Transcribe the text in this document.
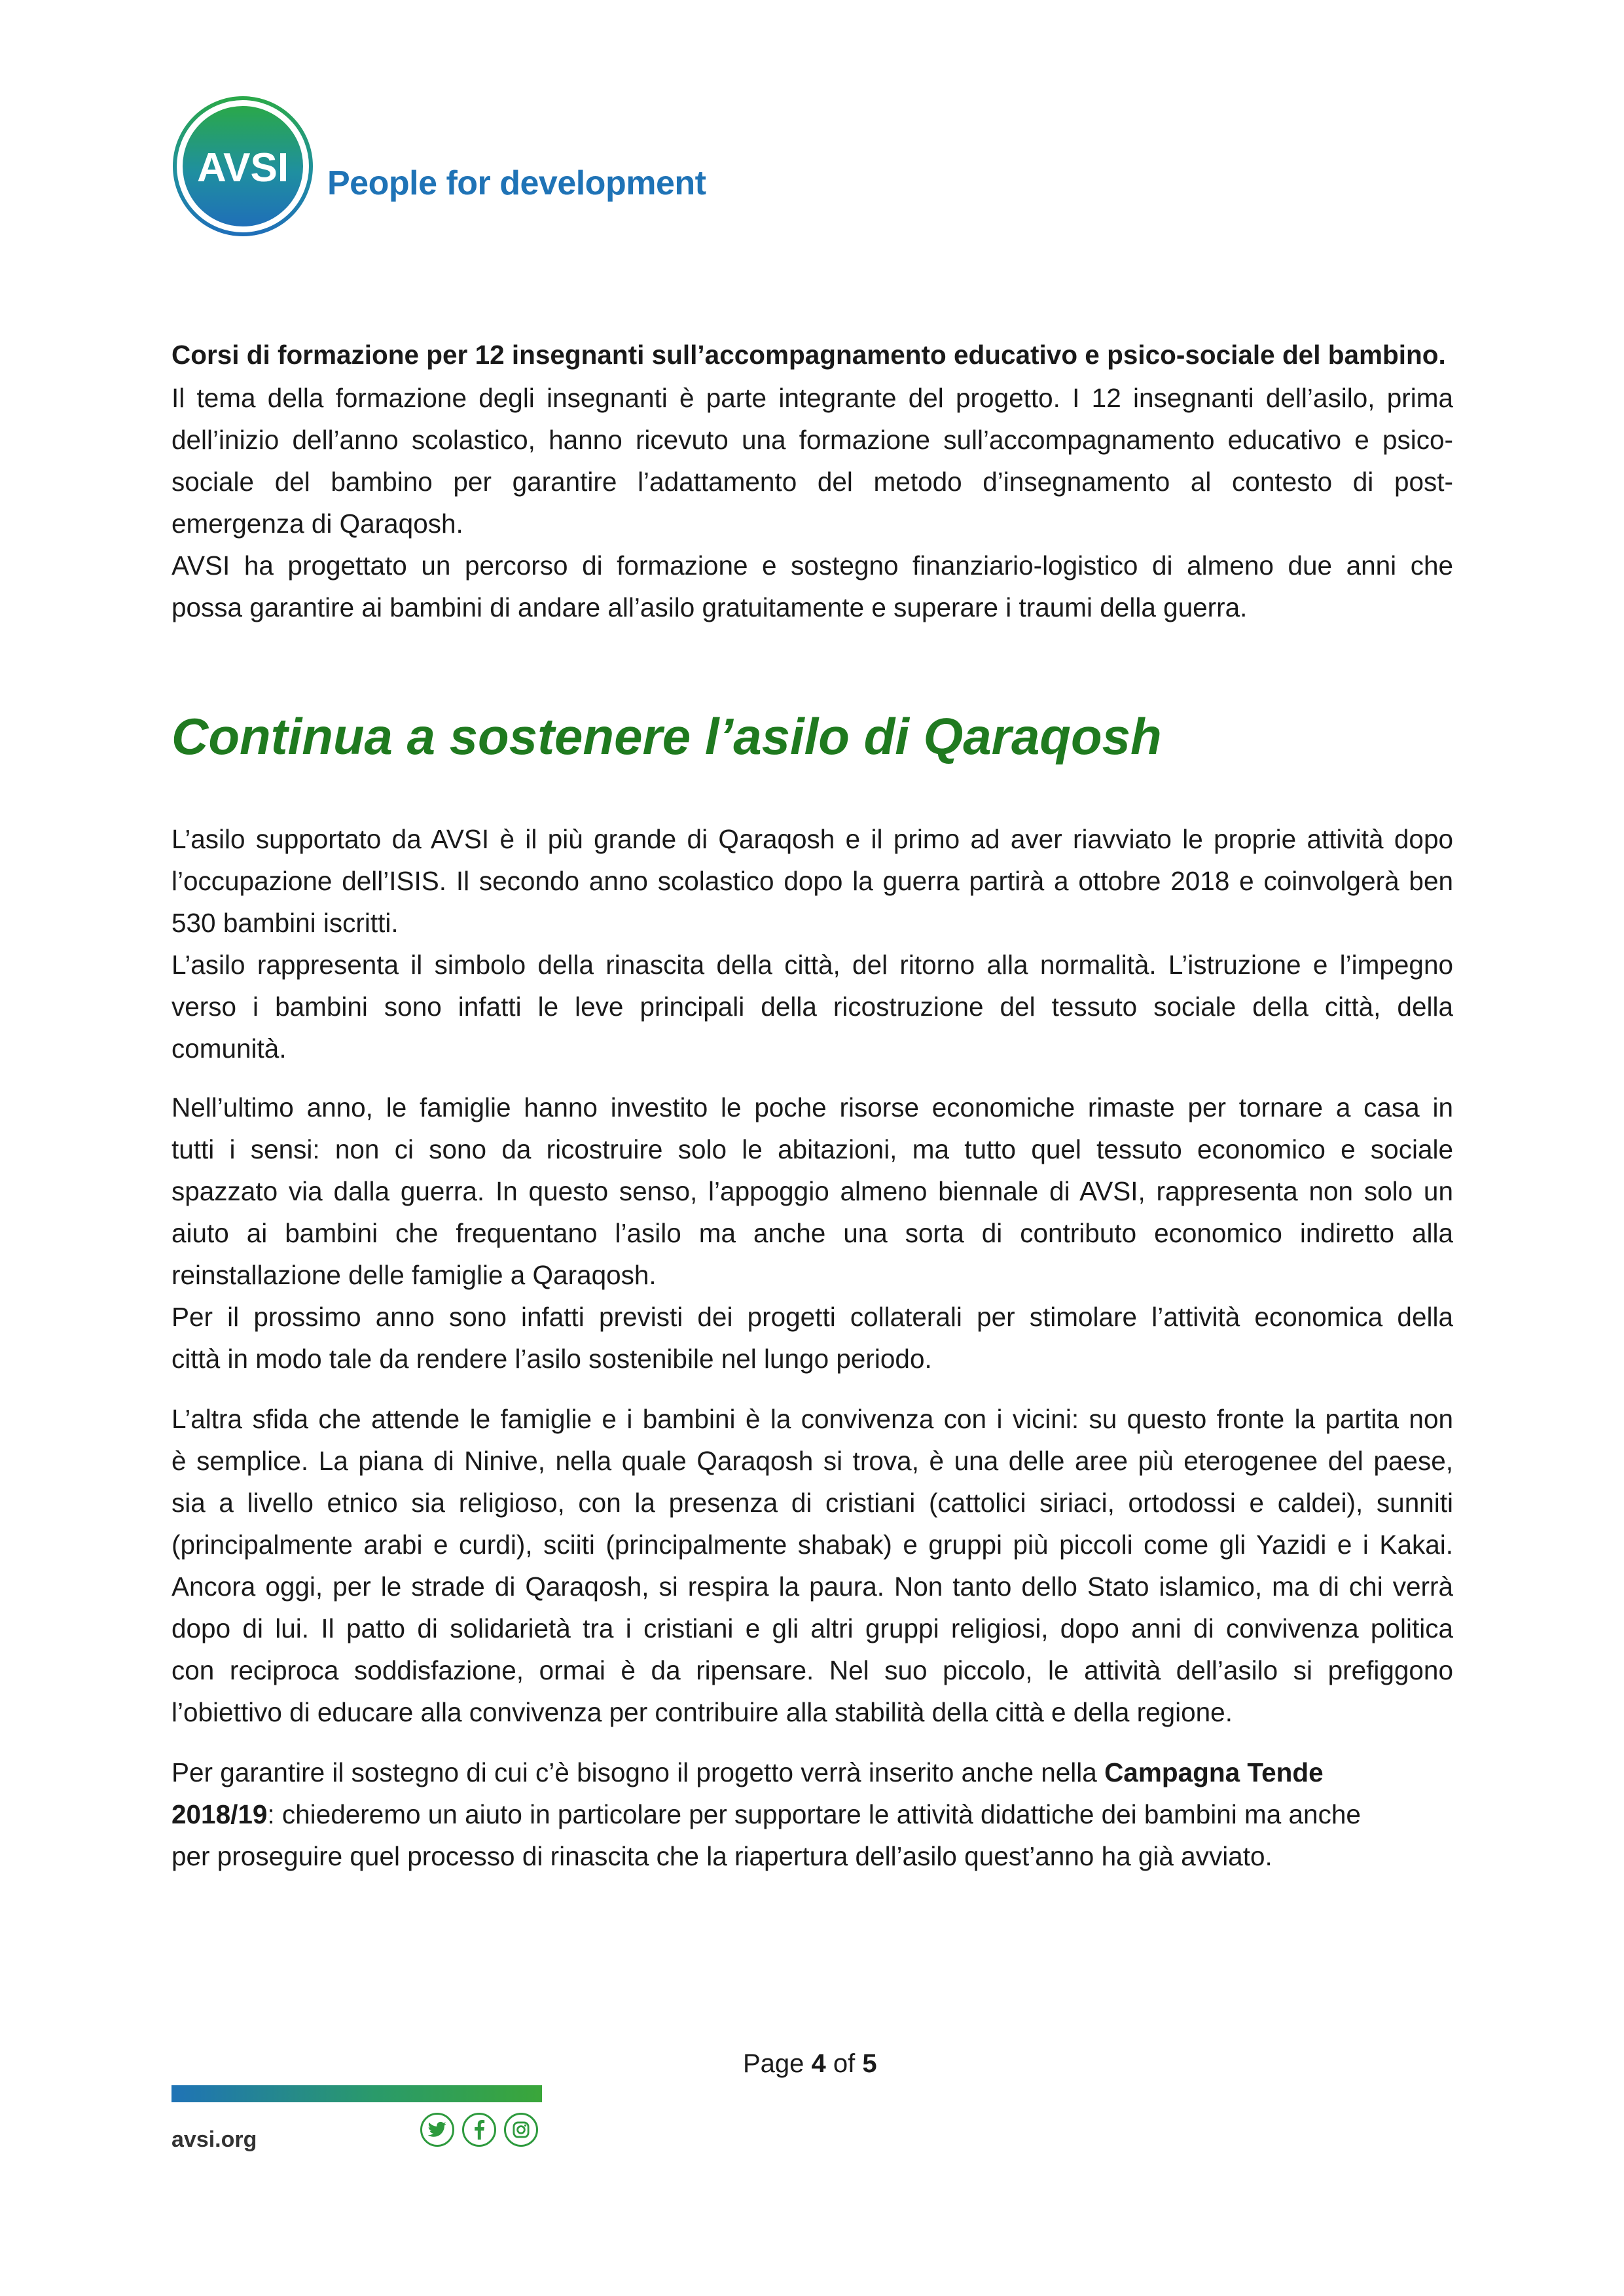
AVSI People for development
Corsi di formazione per 12 insegnanti sull’accompagnamento educativo e psico-sociale del bambino.
Il tema della formazione degli insegnanti è parte integrante del progetto. I 12 insegnanti dell’asilo, prima
dell’inizio dell’anno scolastico, hanno ricevuto una formazione sull’accompagnamento educativo e psico-
sociale del bambino per garantire l’adattamento del metodo d’insegnamento al contesto di post-
emergenza di Qaraqosh.
AVSI ha progettato un percorso di formazione e sostegno finanziario-logistico di almeno due anni che
possa garantire ai bambini di andare all’asilo gratuitamente e superare i traumi della guerra.
Continua a sostenere l’asilo di Qaraqosh
L’asilo supportato da AVSI è il più grande di Qaraqosh e il primo ad aver riavviato le proprie attività dopo
l’occupazione dell’ISIS. Il secondo anno scolastico dopo la guerra partirà a ottobre 2018 e coinvolgerà ben
530 bambini iscritti.
L’asilo rappresenta il simbolo della rinascita della città, del ritorno alla normalità. L’istruzione e l’impegno
verso i bambini sono infatti le leve principali della ricostruzione del tessuto sociale della città, della
comunità.
Nell’ultimo anno, le famiglie hanno investito le poche risorse economiche rimaste per tornare a casa in
tutti i sensi: non ci sono da ricostruire solo le abitazioni, ma tutto quel tessuto economico e sociale
spazzato via dalla guerra. In questo senso, l’appoggio almeno biennale di AVSI, rappresenta non solo un
aiuto ai bambini che frequentano l’asilo ma anche una sorta di contributo economico indiretto alla
reinstallazione delle famiglie a Qaraqosh.
Per il prossimo anno sono infatti previsti dei progetti collaterali per stimolare l’attività economica della
città in modo tale da rendere l’asilo sostenibile nel lungo periodo.
L’altra sfida che attende le famiglie e i bambini è la convivenza con i vicini: su questo fronte la partita non
è semplice. La piana di Ninive, nella quale Qaraqosh si trova, è una delle aree più eterogenee del paese,
sia a livello etnico sia religioso, con la presenza di cristiani (cattolici siriaci, ortodossi e caldei), sunniti
(principalmente arabi e curdi), sciiti (principalmente shabak) e gruppi più piccoli come gli Yazidi e i Kakai.
Ancora oggi, per le strade di Qaraqosh, si respira la paura. Non tanto dello Stato islamico, ma di chi verrà
dopo di lui. Il patto di solidarietà tra i cristiani e gli altri gruppi religiosi, dopo anni di convivenza politica
con reciproca soddisfazione, ormai è da ripensare. Nel suo piccolo, le attività dell’asilo si prefiggono
l’obiettivo di educare alla convivenza per contribuire alla stabilità della città e della regione.
Per garantire il sostegno di cui c’è bisogno il progetto verrà inserito anche nella Campagna Tende
2018/19: chiederemo un aiuto in particolare per supportare le attività didattiche dei bambini ma anche
per proseguire quel processo di rinascita che la riapertura dell’asilo quest’anno ha già avviato.
Page 4 of 5
avsi.org
